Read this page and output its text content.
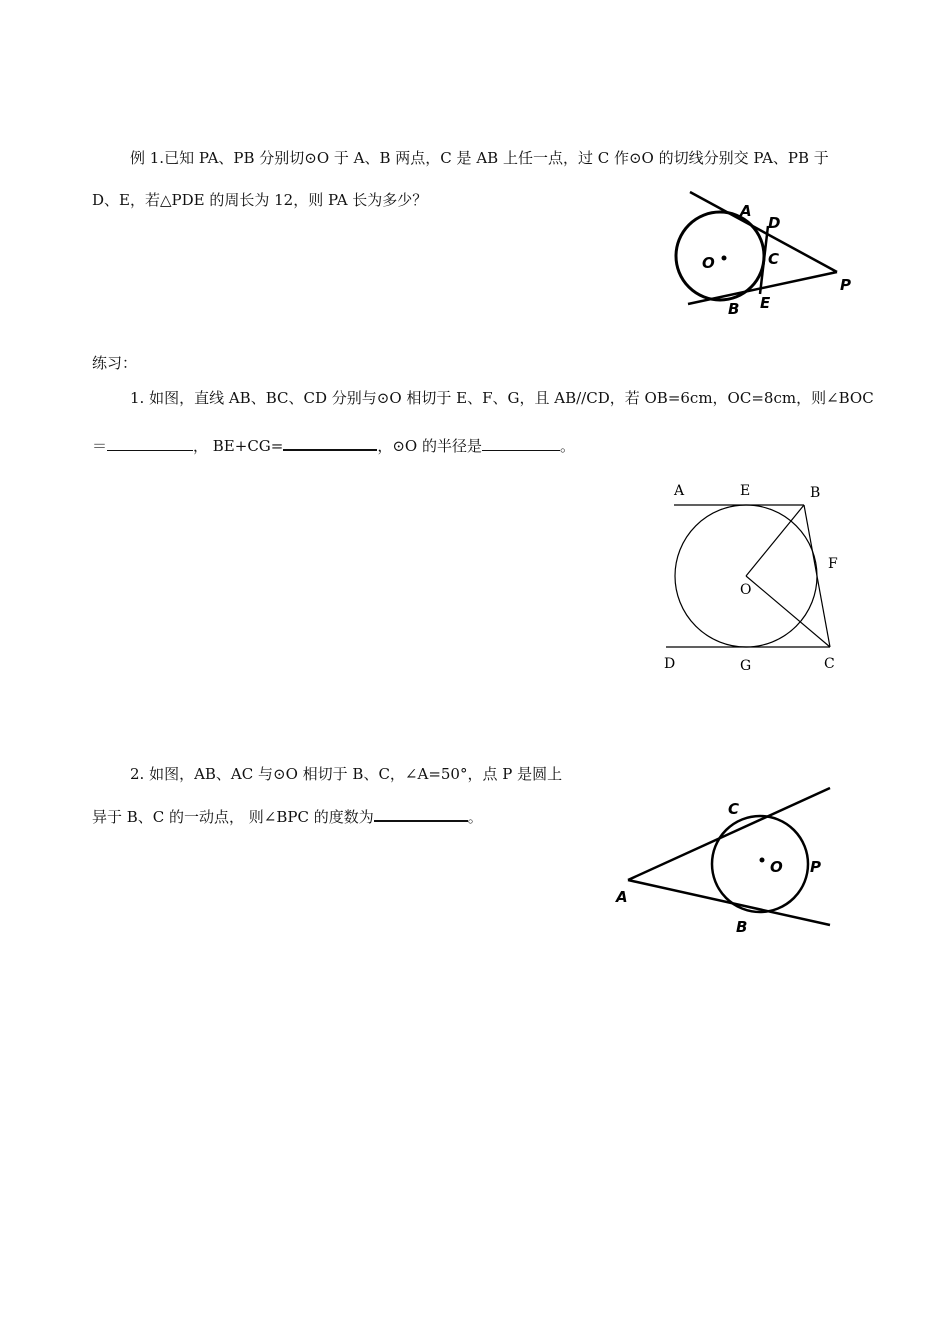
例 1.已知 PA、PB 分别切⊙O 于 A、B 两点，C 是 AB 上任一点，过 C 作⊙O 的切线分别交 PA、PB 于
D、E，若△PDE 的周长为 12，则 PA 长为多少？
A
D
O	C
P
B E
练习：
1. 如图，直线 AB、BC、CD 分别与⊙O 相切于 E、F、G，且 AB//CD，若 OB=6cm，OC=8cm，则∠BOC
＝	， BE+CG=	，⊙O 的半径是	。
A	E	B
F
O
D	G	C
2. 如图，AB、AC 与⊙O 相切于 B、C，∠A=50°，点 P 是圆上
异于 B、C 的一动点， 则∠BPC 的度数为	。	C
O P
A
B
